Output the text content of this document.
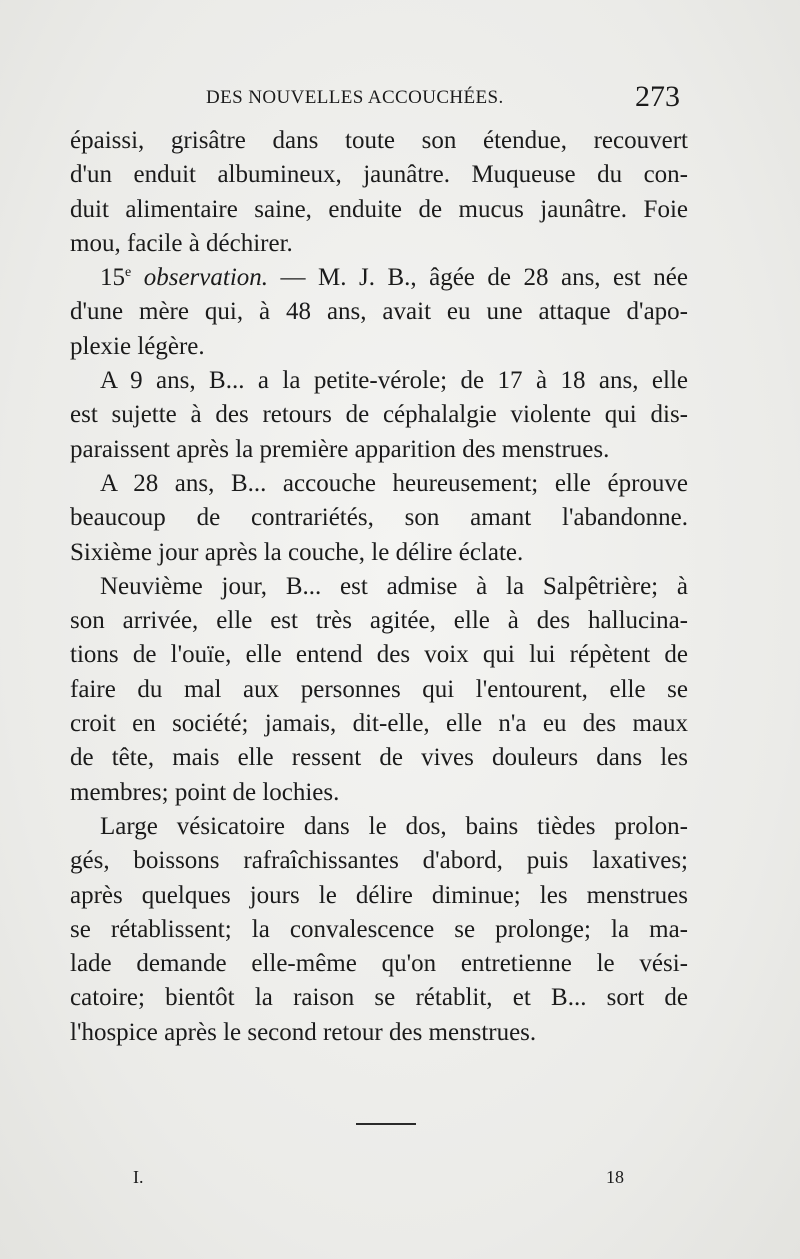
DES NOUVELLES ACCOUCHÉES.	273
épaissi, grisâtre dans toute son étendue, recouvert
d'un enduit albumineux, jaunâtre. Muqueuse du con-
duit alimentaire saine, enduite de mucus jaunâtre. Foie
mou, facile à déchirer.
15e observation. — M. J. B., âgée de 28 ans, est née
d'une mère qui, à 48 ans, avait eu une attaque d'apo-
plexie légère.
A 9 ans, B... a la petite-vérole; de 17 à 18 ans, elle
est sujette à des retours de céphalalgie violente qui dis-
paraissent après la première apparition des menstrues.
A 28 ans, B... accouche heureusement; elle éprouve
beaucoup de contrariétés, son amant l'abandonne.
Sixième jour après la couche, le délire éclate.
Neuvième jour, B... est admise à la Salpêtrière; à
son arrivée, elle est très agitée, elle à des hallucina-
tions de l'ouïe, elle entend des voix qui lui répètent de
faire du mal aux personnes qui l'entourent, elle se
croit en société; jamais, dit-elle, elle n'a eu des maux
de tête, mais elle ressent de vives douleurs dans les
membres; point de lochies.
Large vésicatoire dans le dos, bains tièdes prolon-
gés, boissons rafraîchissantes d'abord, puis laxatives;
après quelques jours le délire diminue; les menstrues
se rétablissent; la convalescence se prolonge; la ma-
lade demande elle-même qu'on entretienne le vési-
catoire; bientôt la raison se rétablit, et B... sort de
l'hospice après le second retour des menstrues.
I.	18
